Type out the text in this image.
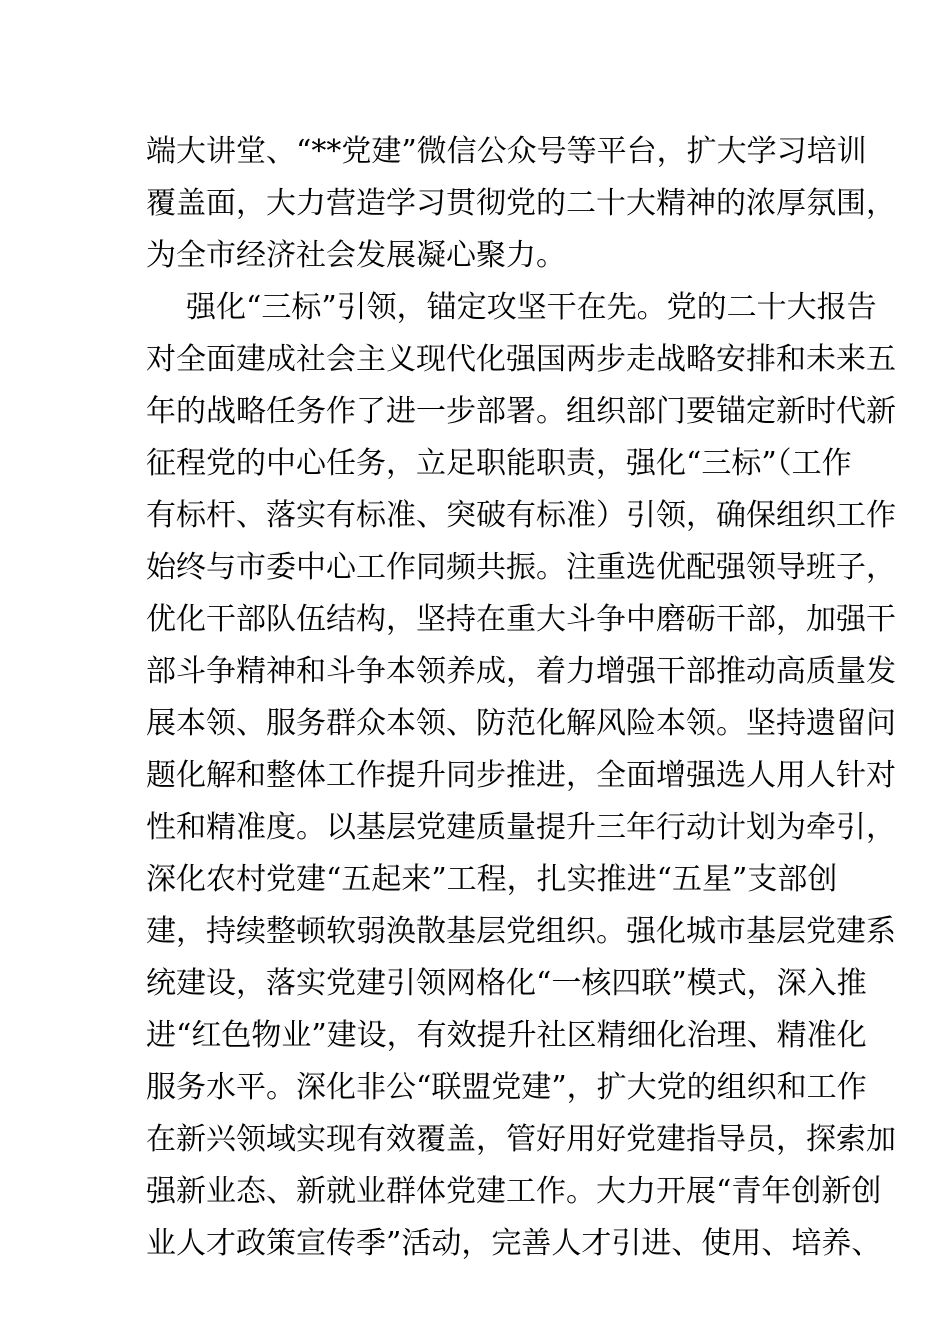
端大讲堂、“**党建”微信公众号等平台，扩大学习培训
覆盖面，大力营造学习贯彻党的二十大精神的浓厚氛围，
为全市经济社会发展凝心聚力。
强化“三标”引领，锚定攻坚干在先。党的二十大报告
对全面建成社会主义现代化强国两步走战略安排和未来五
年的战略任务作了进一步部署。组织部门要锚定新时代新
征程党的中心任务，立足职能职责，强化“三标”（工作
有标杆、落实有标准、突破有标准）引领，确保组织工作
始终与市委中心工作同频共振。注重选优配强领导班子，
优化干部队伍结构，坚持在重大斗争中磨砺干部，加强干
部斗争精神和斗争本领养成，着力增强干部推动高质量发
展本领、服务群众本领、防范化解风险本领。坚持遗留问
题化解和整体工作提升同步推进，全面增强选人用人针对
性和精准度。以基层党建质量提升三年行动计划为牵引，
深化农村党建“五起来”工程，扎实推进“五星”支部创
建，持续整顿软弱涣散基层党组织。强化城市基层党建系
统建设，落实党建引领网格化“一核四联”模式，深入推
进“红色物业”建设，有效提升社区精细化治理、精准化
服务水平。深化非公“联盟党建”，扩大党的组织和工作
在新兴领域实现有效覆盖，管好用好党建指导员，探索加
强新业态、新就业群体党建工作。大力开展“青年创新创
业人才政策宣传季”活动，完善人才引进、使用、培养、
